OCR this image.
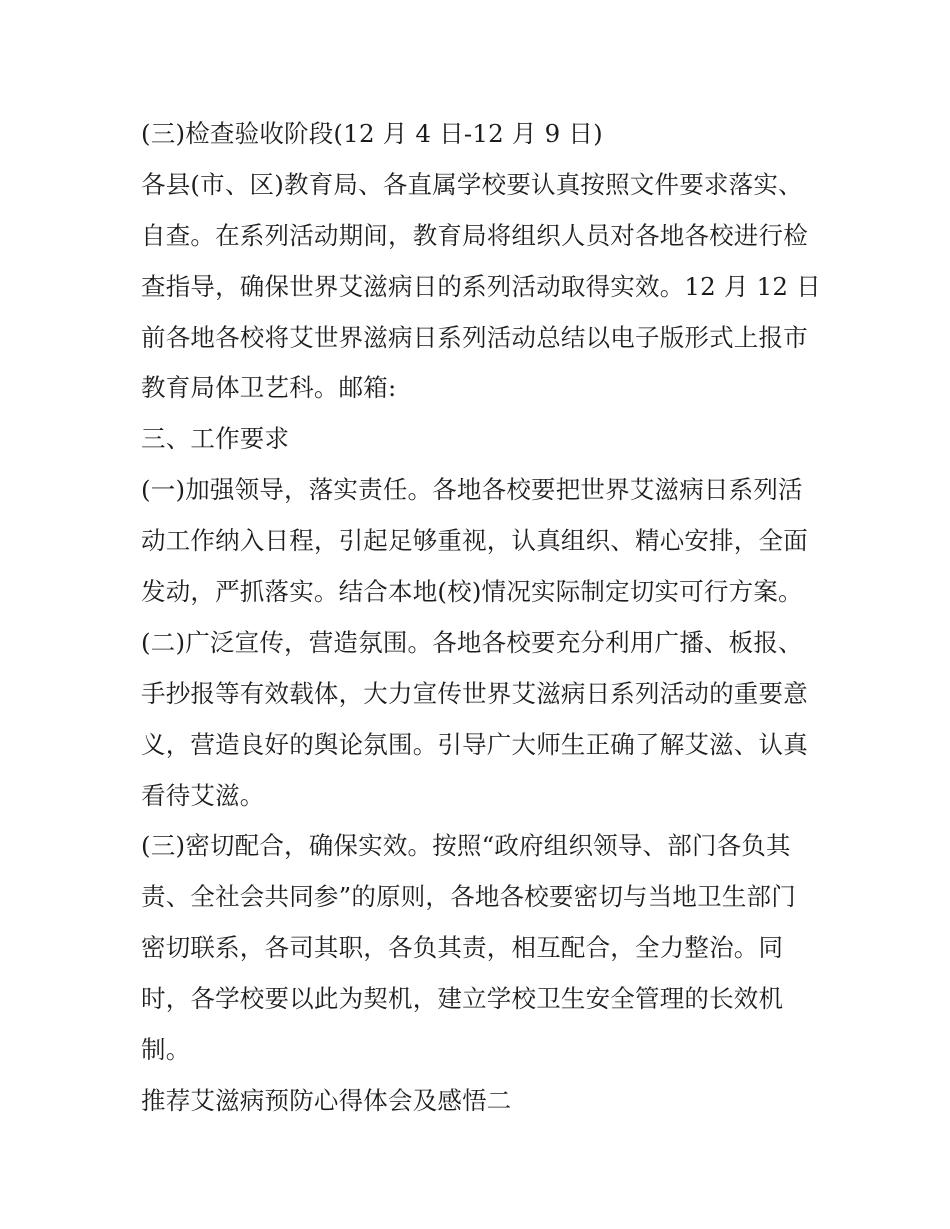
(三)检查验收阶段(12 月 4 日-12 月 9 日)
各县(市、区)教育局、各直属学校要认真按照文件要求落实、
自查。在系列活动期间，教育局将组织人员对各地各校进行检
查指导，确保世界艾滋病日的系列活动取得实效。12 月 12 日
前各地各校将艾世界滋病日系列活动总结以电子版形式上报市
教育局体卫艺科。邮箱:
三、工作要求
(一)加强领导，落实责任。各地各校要把世界艾滋病日系列活
动工作纳入日程，引起足够重视，认真组织、精心安排，全面
发动，严抓落实。结合本地(校)情况实际制定切实可行方案。
(二)广泛宣传，营造氛围。各地各校要充分利用广播、板报、
手抄报等有效载体，大力宣传世界艾滋病日系列活动的重要意
义，营造良好的舆论氛围。引导广大师生正确了解艾滋、认真
看待艾滋。
(三)密切配合，确保实效。按照“政府组织领导、部门各负其
责、全社会共同参”的原则，各地各校要密切与当地卫生部门
密切联系，各司其职，各负其责，相互配合，全力整治。同
时，各学校要以此为契机，建立学校卫生安全管理的长效机
制。
推荐艾滋病预防心得体会及感悟二
